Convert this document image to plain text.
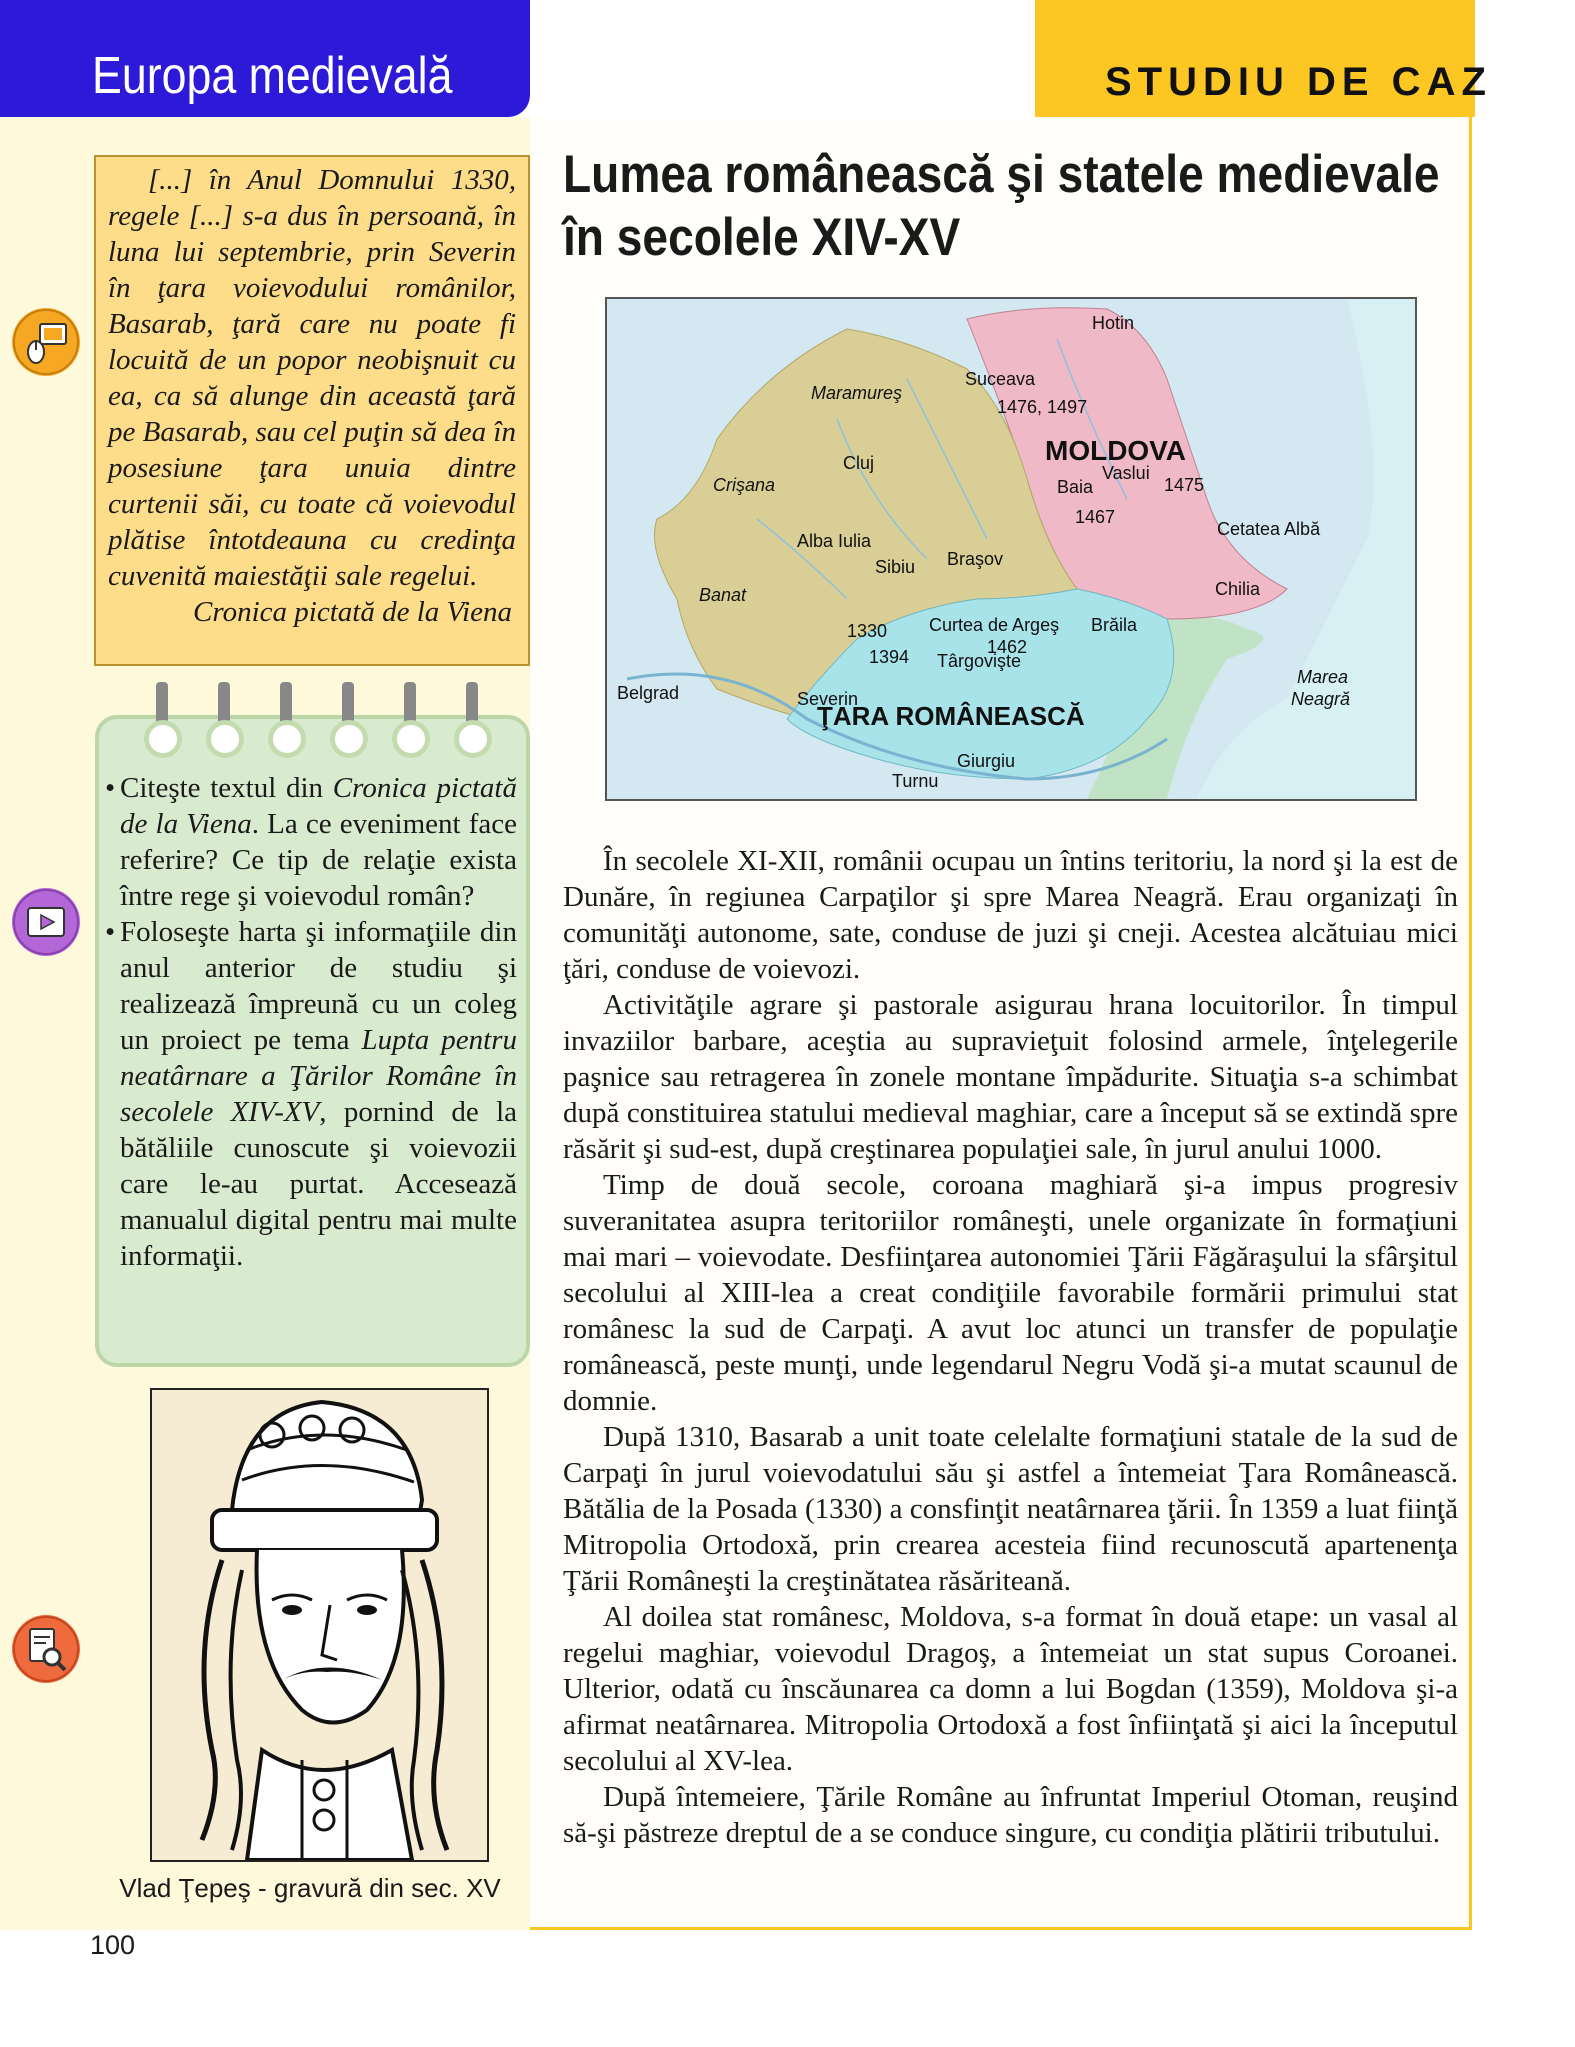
Europa medievală	STUDIU DE CAZ

[...] în Anul Domnului 1330, regele [...] s-a dus în persoană, în luna lui septembrie, prin Severin în ţara voievodului românilor, Basarab, ţară care nu poate fi locuită de un popor neobişnuit cu ea, ca să alunge din această ţară pe Basarab, sau cel puţin să dea în posesiune ţara unuia dintre curtenii săi, cu toate că voievodul plătise întotdeauna cu credinţa cuvenită maiestăţii sale regelui.

Cronica pictată de la Viena

• Citeşte textul din Cronica pictată de la Viena. La ce eveniment face referire? Ce tip de relaţie exista între rege şi voievodul român?

• Foloseşte harta şi informaţiile din anul anterior de studiu şi realizează împreună cu un coleg un proiect pe tema Lupta pentru neatârnare a Ţărilor Române în secolele XIV-XV, pornind de la bătăliile cunoscute şi voievozii care le-au purtat. Accesează manualul digital pentru mai multe informaţii.

Vlad Ţepeş - gravură din sec. XV
100
Lumea românească şi statele medievale
în secolele XIV-XV
Hotin
Maramureş
Suceava
1476, 1497
MOLDOVA
Cluj
Crişana
Vaslui
Baia	1475
1467
Alba Iulia
Cetatea Albă
Sibiu Braşov
Banat	Chilia
1330 Curtea de Argeş Brăila
1462
1394 Târgovişte
Belgrad	Severin
ŢARA ROMÂNEASCĂ
Marea
Neagră
Giurgiu
Turnu

În secolele XI-XII, românii ocupau un întins teritoriu, la nord şi la est de Dunăre, în regiunea Carpaţilor şi spre Marea Neagră. Erau organizaţi în comunităţi autonome, sate, conduse de juzi şi cneji. Acestea alcătuiau mici ţări, conduse de voievozi.

Activităţile agrare şi pastorale asigurau hrana locuitorilor. În timpul invaziilor barbare, aceştia au supravieţuit folosind armele, înţelegerile paşnice sau retragerea în zonele montane împădurite. Situaţia s-a schimbat după constituirea statului medieval maghiar, care a început să se extindă spre răsărit şi sud-est, după creştinarea populaţiei sale, în jurul anului 1000.

Timp de două secole, coroana maghiară şi-a impus progresiv suveranitatea asupra teritoriilor româneşti, unele organizate în formaţiuni mai mari – voievodate. Desfiinţarea autonomiei Ţării Făgăraşului la sfârşitul secolului al XIII-lea a creat condiţiile favorabile formării primului stat românesc la sud de Carpaţi. A avut loc atunci un transfer de populaţie românească, peste munţi, unde legendarul Negru Vodă şi-a mutat scaunul de domnie.

După 1310, Basarab a unit toate celelalte formaţiuni statale de la sud de Carpaţi în jurul voievodatului său şi astfel a întemeiat Ţara Românească. Bătălia de la Posada (1330) a consfinţit neatârnarea ţării. În 1359 a luat fiinţă Mitropolia Ortodoxă, prin crearea acesteia fiind recunoscută apartenenţa Ţării Româneşti la creştinătatea răsăriteană.

Al doilea stat românesc, Moldova, s-a format în două etape: un vasal al regelui maghiar, voievodul Dragoş, a întemeiat un stat supus Coroanei. Ulterior, odată cu înscăunarea ca domn a lui Bogdan (1359), Moldova şi-a afirmat neatârnarea. Mitropolia Ortodoxă a fost înfiinţată şi aici la începutul secolului al XV-lea.

După întemeiere, Ţările Române au înfruntat Imperiul Otoman, reuşind să-şi păstreze dreptul de a se conduce singure, cu condiţia plătirii tributului.
